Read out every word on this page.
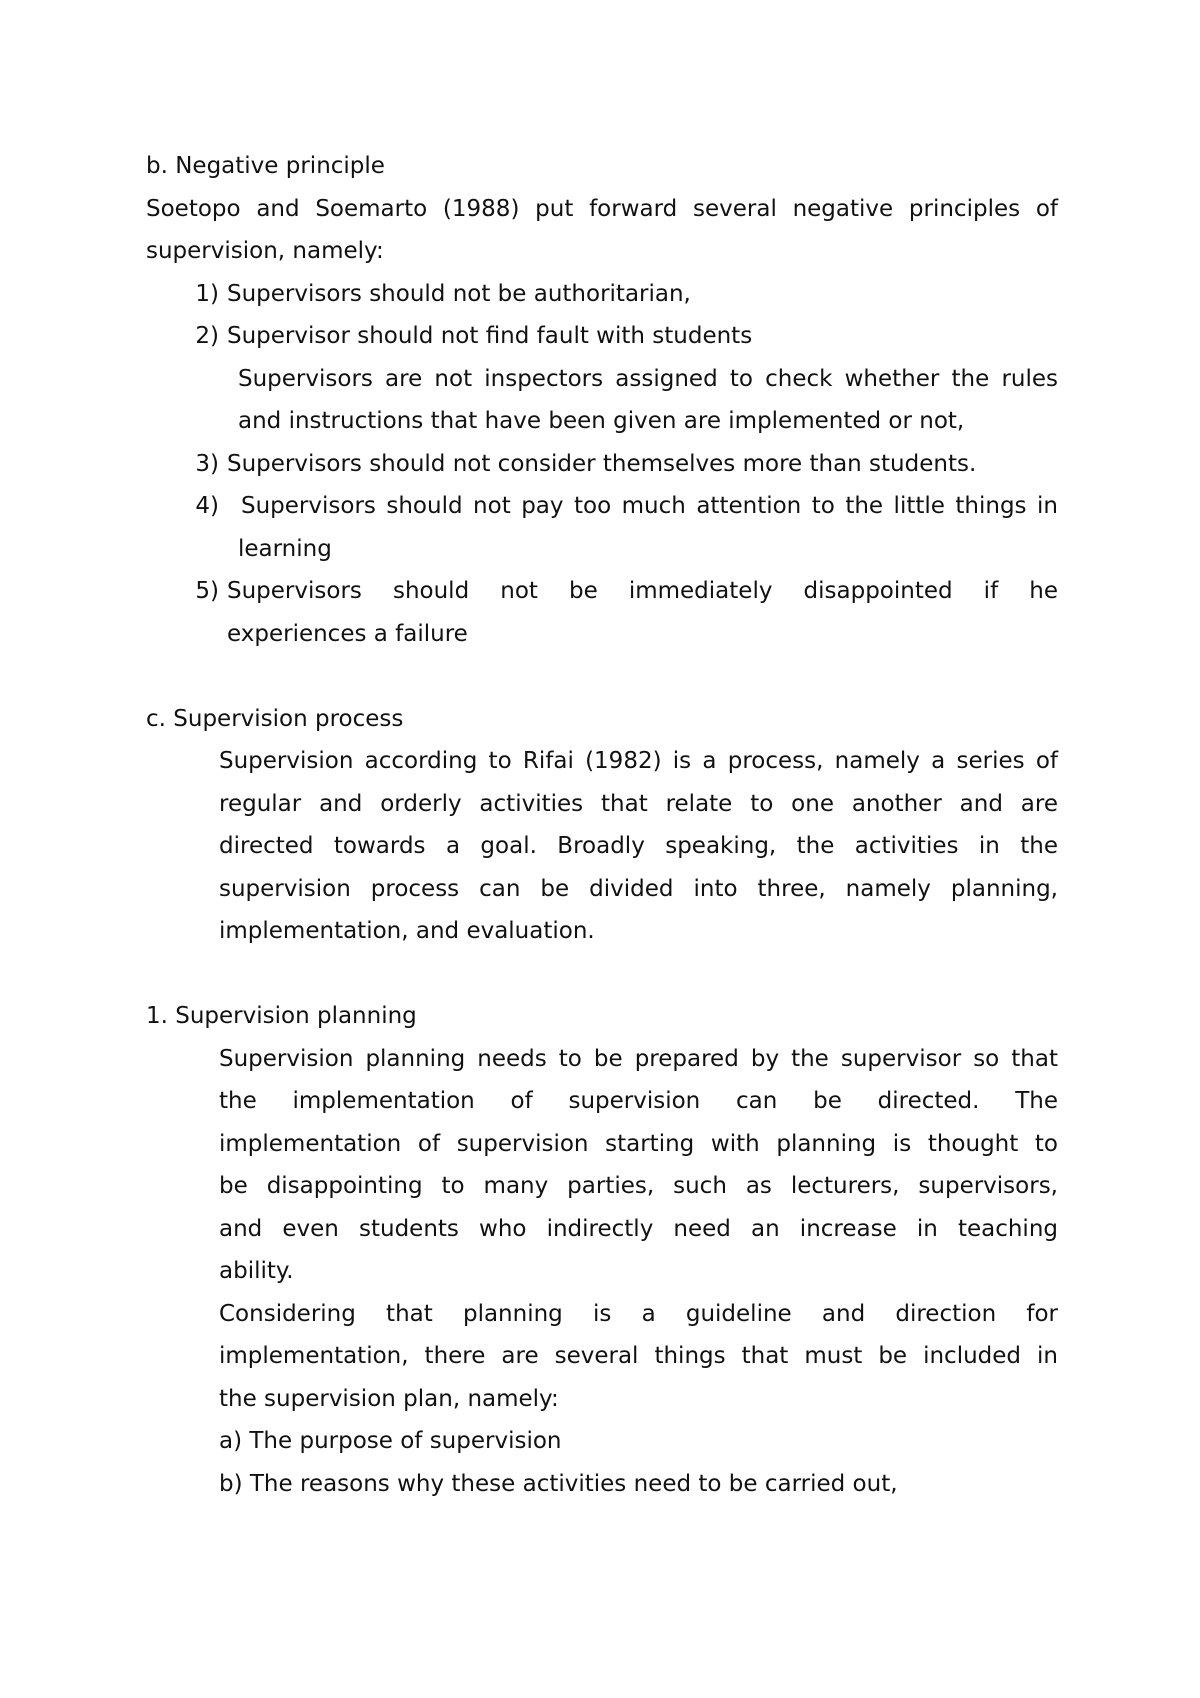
b. Negative principle
Soetopo and Soemarto (1988) put forward several negative principles of
supervision, namely:
1) Supervisors should not be authoritarian,
2) Supervisor should not find fault with students
Supervisors are not inspectors assigned to check whether the rules
and instructions that have been given are implemented or not,
3) Supervisors should not consider themselves more than students.
4) Supervisors should not pay too much attention to the little things in
learning
5) Supervisors should not be immediately disappointed if he
experiences a failure
c. Supervision process
Supervision according to Rifai (1982) is a process, namely a series of
regular and orderly activities that relate to one another and are
directed towards a goal. Broadly speaking, the activities in the
supervision process can be divided into three, namely planning,
implementation, and evaluation.
1. Supervision planning
Supervision planning needs to be prepared by the supervisor so that
the implementation of supervision can be directed. The
implementation of supervision starting with planning is thought to
be disappointing to many parties, such as lecturers, supervisors,
and even students who indirectly need an increase in teaching
ability.
Considering that planning is a guideline and direction for
implementation, there are several things that must be included in
the supervision plan, namely:
a) The purpose of supervision
b) The reasons why these activities need to be carried out,
